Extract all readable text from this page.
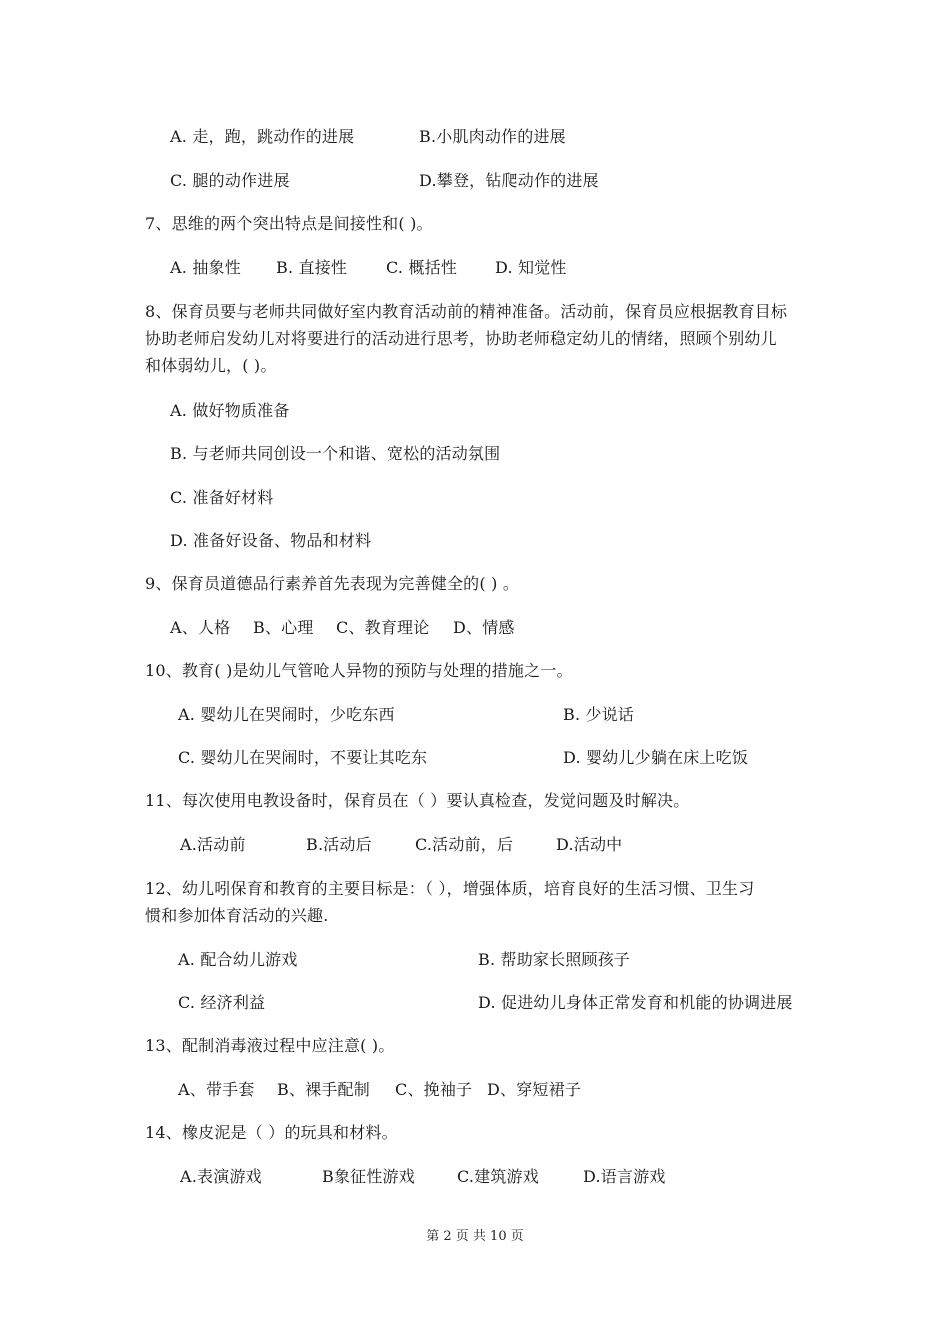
A. 走，跑，跳动作的进展	B.小肌肉动作的进展
C. 腿的动作进展	D.攀登，钻爬动作的进展
7、思维的两个突出特点是间接性和( )。
A. 抽象性 B. 直接性 C. 概括性 D. 知觉性
8、保育员要与老师共同做好室内教育活动前的精神准备。活动前，保育员应根据教育目标
协助老师启发幼儿对将要进行的活动进行思考，协助老师稳定幼儿的情绪，照顾个别幼儿
和体弱幼儿，( )。
A. 做好物质准备
B. 与老师共同创设一个和谐、宽松的活动氛围
C. 准备好材料
D. 准备好设备、物品和材料
9、保育员道德品行素养首先表现为完善健全的( ) 。
A、人格 B、心理 C、教育理论 D、情感
10、教育( )是幼儿气管呛人异物的预防与处理的措施之一。
A. 婴幼儿在哭闹时，少吃东西	B. 少说话
C. 婴幼儿在哭闹时，不要让其吃东	D. 婴幼儿少躺在床上吃饭
11、每次使用电教设备时，保育员在（ ）要认真检查，发觉问题及时解决。
A.活动前	B.活动后	C.活动前，后	D.活动中
12、幼儿吲保育和教育的主要目标是：（ ），增强体质，培育良好的生活习惯、卫生习
惯和参加体育活动的兴趣.
A. 配合幼儿游戏	B. 帮助家长照顾孩子
C. 经济利益	D. 促进幼儿身体正常发育和机能的协调进展
13、配制消毒液过程中应注意( )。
A、带手套 B、裸手配制 C、挽袖子 D、穿短裙子
14、橡皮泥是（ ）的玩具和材料。
A.表演游戏	B象征性游戏	C.建筑游戏	D.语言游戏
第 2 页 共 10 页
